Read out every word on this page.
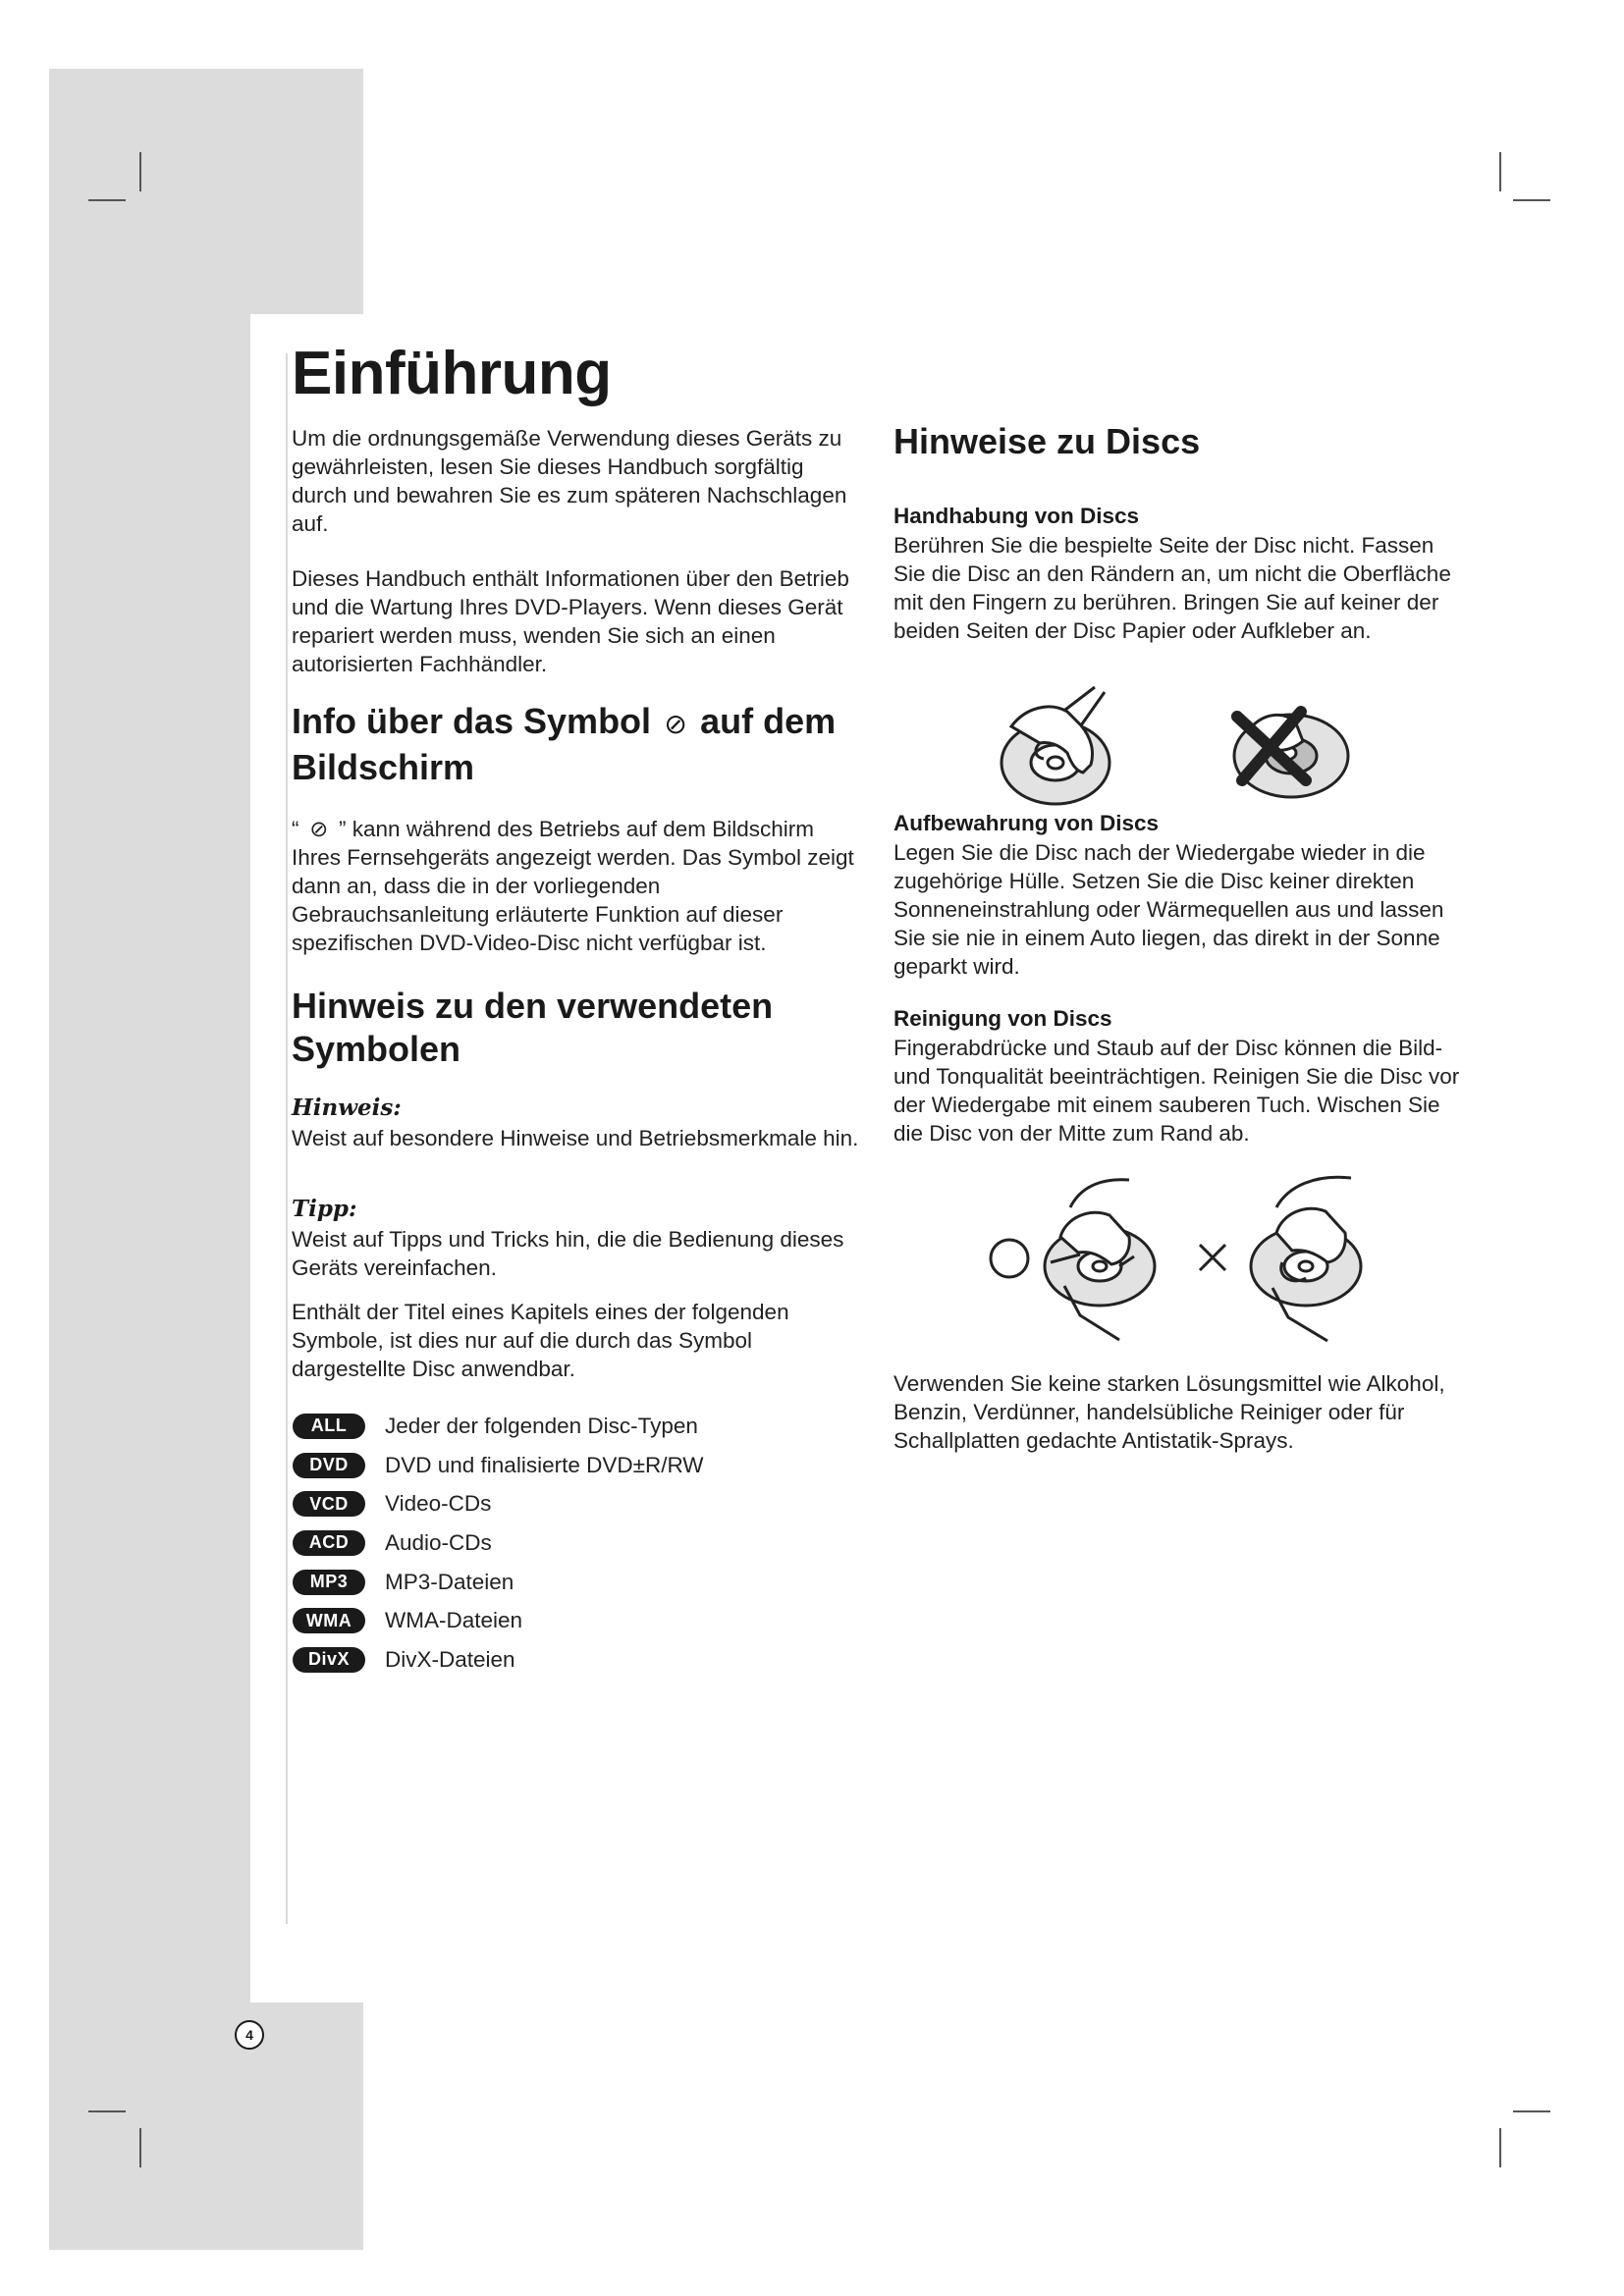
Einführung

Um die ordnungsgemäße Verwendung dieses Geräts zu gewährleisten, lesen Sie dieses Handbuch sorgfältig durch und bewahren Sie es zum späteren Nachschlagen auf.

Dieses Handbuch enthält Informationen über den Betrieb und die Wartung Ihres DVD-Players. Wenn dieses Gerät repariert werden muss, wenden Sie sich an einen autorisierten Fachhändler.

Info über das Symbol ⊘ auf dem Bildschirm

“ ⊘ ” kann während des Betriebs auf dem Bildschirm Ihres Fernsehgeräts angezeigt werden. Das Symbol zeigt dann an, dass die in der vorliegenden Gebrauchsanleitung erläuterte Funktion auf dieser spezifischen DVD-Video-Disc nicht verfügbar ist.

Hinweis zu den verwendeten Symbolen

Hinweis:

Weist auf besondere Hinweise und Betriebsmerkmale hin.

Tipp:

Weist auf Tipps und Tricks hin, die die Bedienung dieses Geräts vereinfachen.

Enthält der Titel eines Kapitels eines der folgenden Symbole, ist dies nur auf die durch das Symbol dargestellte Disc anwendbar.

ALL	Jeder der folgenden Disc-Typen
DVD	DVD und finalisierte DVD±R/RW
VCD	Video-CDs
ACD	Audio-CDs
MP3	MP3-Dateien
WMA	WMA-Dateien
DivX	DivX-Dateien
4
Hinweise zu Discs
Handhabung von Discs

Berühren Sie die bespielte Seite der Disc nicht. Fassen Sie die Disc an den Rändern an, um nicht die Oberfläche mit den Fingern zu berühren. Bringen Sie auf keiner der beiden Seiten der Disc Papier oder Aufkleber an.

Aufbewahrung von Discs

Legen Sie die Disc nach der Wiedergabe wieder in die zugehörige Hülle. Setzen Sie die Disc keiner direkten Sonneneinstrahlung oder Wärmequellen aus und lassen Sie sie nie in einem Auto liegen, das direkt in der Sonne geparkt wird.

Reinigung von Discs

Fingerabdrücke und Staub auf der Disc können die Bild- und Tonqualität beeinträchtigen. Reinigen Sie die Disc vor der Wiedergabe mit einem sauberen Tuch. Wischen Sie die Disc von der Mitte zum Rand ab.

Verwenden Sie keine starken Lösungsmittel wie Alkohol, Benzin, Verdünner, handelsübliche Reiniger oder für Schallplatten gedachte Antistatik-Sprays.
